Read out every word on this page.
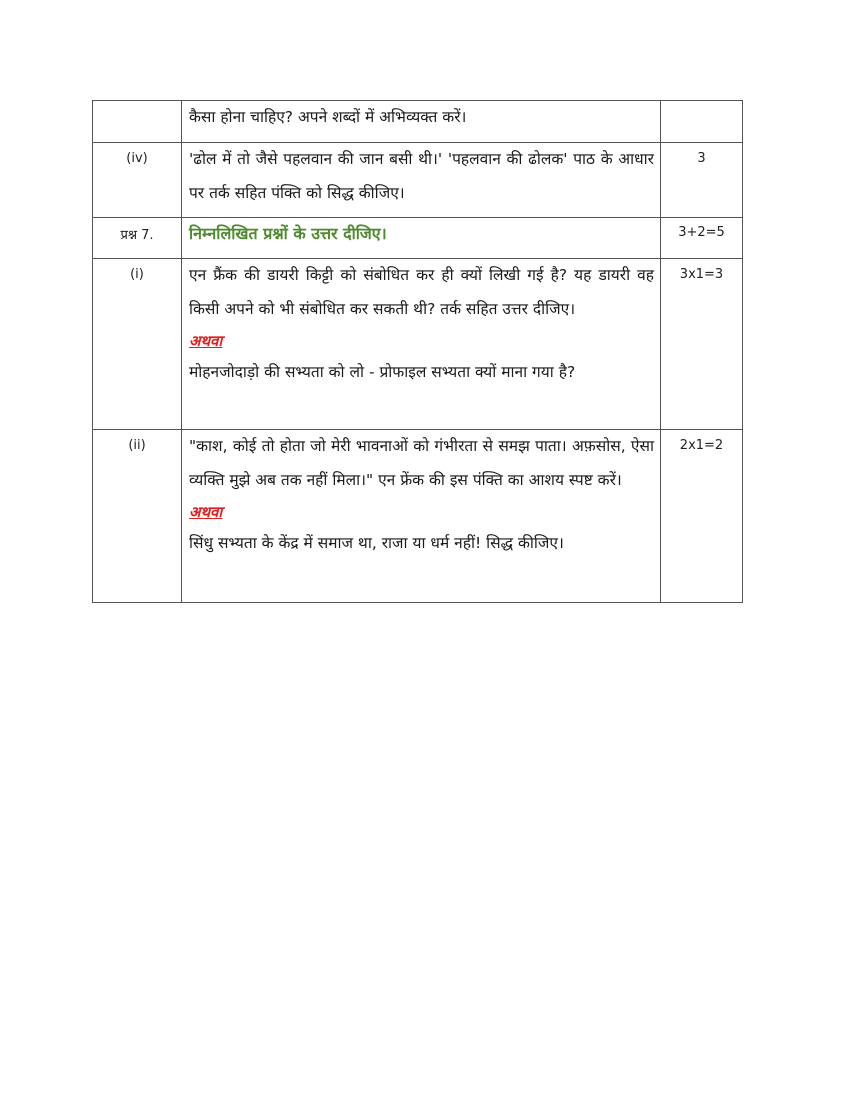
	कैसा होना चाहिए? अपने शब्दों में अभिव्यक्त करें।	

(iv)	'ढोल में तो जैसे पहलवान की जान बसी थी।' 'पहलवान की ढोलक' पाठ के आधार पर तर्क सहित पंक्ति को सिद्ध कीजिए।	3
प्रश्न 7.	निम्नलिखित प्रश्नों के उत्तर दीजिए।	3+2=5
(i)	एन फ्रैंक की डायरी किट्टी को संबोधित कर ही क्यों लिखी गई है? यह डायरी वह किसी अपने को भी संबोधित कर सकती थी? तर्क सहित उत्तर दीजिए।

अथवा

मोहनजोदाड़ो की सभ्यता को लो - प्रोफाइल सभ्यता क्यों माना गया है?	3x1=3
(ii)	"काश, कोई तो होता जो मेरी भावनाओं को गंभीरता से समझ पाता। अफ़सोस, ऐसा व्यक्ति मुझे अब तक नहीं मिला।" एन फ्रेंक की इस पंक्ति का आशय स्पष्ट करें।

अथवा

सिंधु सभ्यता के केंद्र में समाज था, राजा या धर्म नहीं! सिद्ध कीजिए।	2x1=2
